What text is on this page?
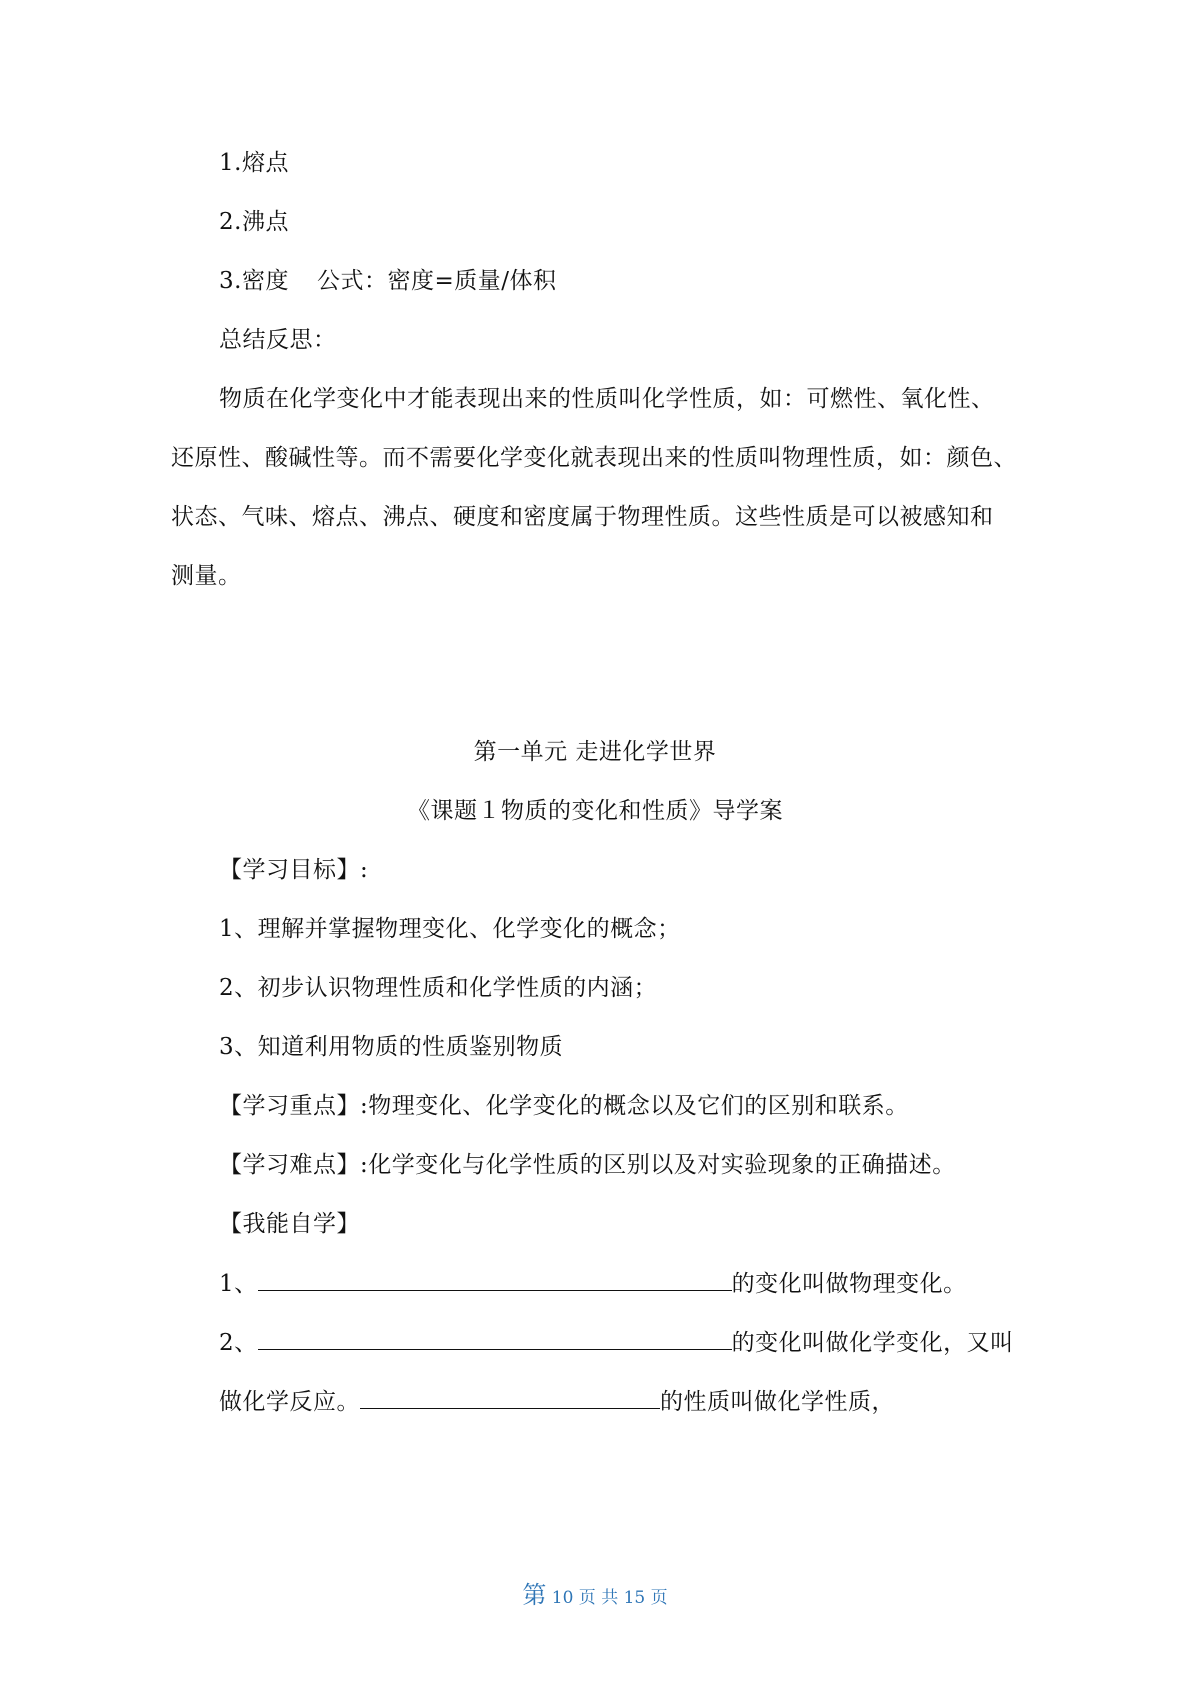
1.熔点
2.沸点
3.密度 公式：密度=质量/体积
总结反思：
物质在化学变化中才能表现出来的性质叫化学性质，如：可燃性、氧化性、
还原性、酸碱性等。而不需要化学变化就表现出来的性质叫物理性质，如：颜色、
状态、气味、熔点、沸点、硬度和密度属于物理性质。这些性质是可以被感知和
测量。
第一单元 走进化学世界
《课题１物质的变化和性质》导学案
【学习目标】:
1、理解并掌握物理变化、化学变化的概念；
2、初步认识物理性质和化学性质的内涵；
3、知道利用物质的性质鉴别物质
【学习重点】:物理变化、化学变化的概念以及它们的区别和联系。
【学习难点】:化学变化与化学性质的区别以及对实验现象的正确描述。
【我能自学】
1、	的变化叫做物理变化。
2、	的变化叫做化学变化，又叫
做化学反应。	的性质叫做化学性质，
第 10 页 共 15 页
